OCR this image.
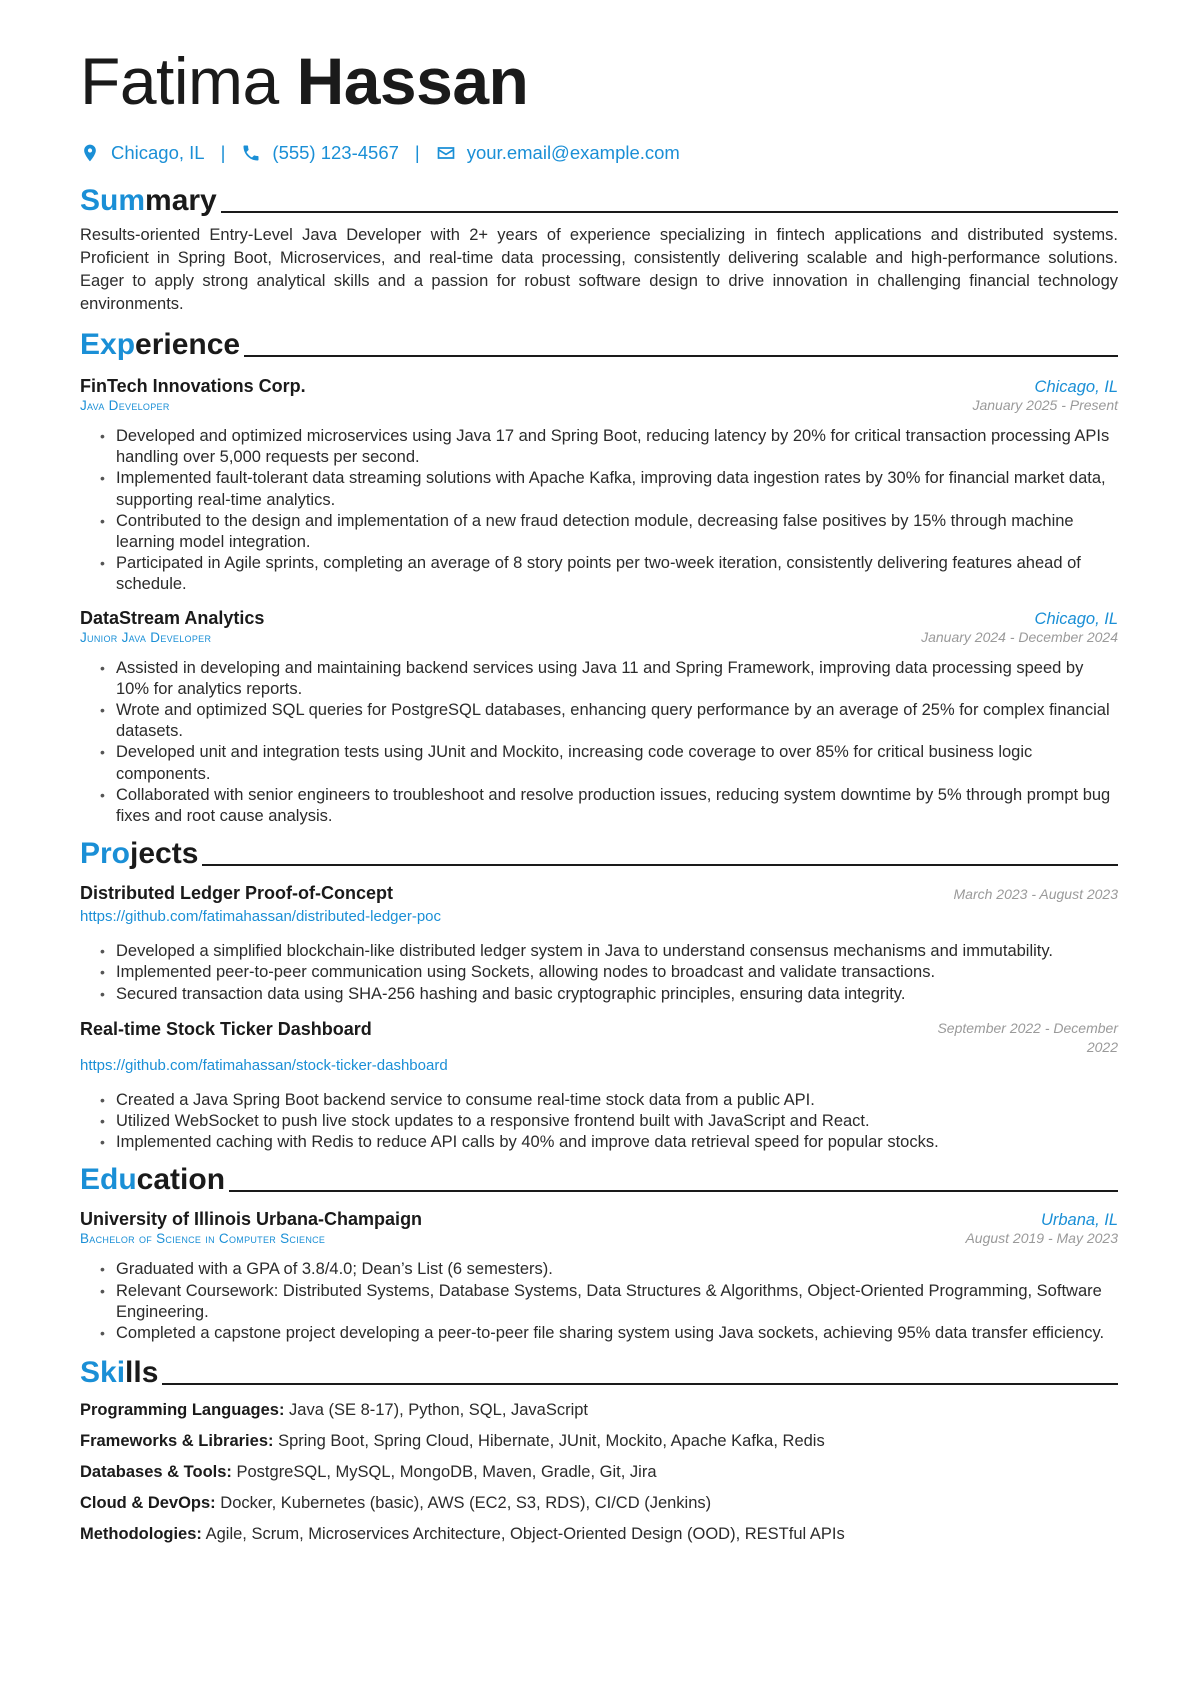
Fatima Hassan
Chicago, IL |	(555) 123-4567 |	your.email@example.com
Summary
Results-oriented Entry-Level Java Developer with 2+ years of experience specializing in fintech applications and distributed systems. Proficient in Spring Boot, Microservices, and real-time data processing, consistently delivering scalable and high-performance solutions. Eager to apply strong analytical skills and a passion for robust software design to drive innovation in challenging financial technology environments.
Experience
FinTech Innovations Corp.	Chicago, IL
Java Developer	January 2025 - Present
• Developed and optimized microservices using Java 17 and Spring Boot, reducing latency by 20% for critical transaction processing APIs handling over 5,000 requests per second.
• Implemented fault-tolerant data streaming solutions with Apache Kafka, improving data ingestion rates by 30% for financial market data, supporting real-time analytics.
• Contributed to the design and implementation of a new fraud detection module, decreasing false positives by 15% through machine learning model integration.
• Participated in Agile sprints, completing an average of 8 story points per two-week iteration, consistently delivering features ahead of schedule.
DataStream Analytics	Chicago, IL
Junior Java Developer	January 2024 - December 2024
• Assisted in developing and maintaining backend services using Java 11 and Spring Framework, improving data processing speed by 10% for analytics reports.
• Wrote and optimized SQL queries for PostgreSQL databases, enhancing query performance by an average of 25% for complex financial datasets.
• Developed unit and integration tests using JUnit and Mockito, increasing code coverage to over 85% for critical business logic components.
• Collaborated with senior engineers to troubleshoot and resolve production issues, reducing system downtime by 5% through prompt bug fixes and root cause analysis.
Projects
Distributed Ledger Proof-of-Concept	March 2023 - August 2023
https://github.com/fatimahassan/distributed-ledger-poc
• Developed a simplified blockchain-like distributed ledger system in Java to understand consensus mechanisms and immutability.
• Implemented peer-to-peer communication using Sockets, allowing nodes to broadcast and validate transactions.
• Secured transaction data using SHA-256 hashing and basic cryptographic principles, ensuring data integrity.
Real-time Stock Ticker Dashboard	September 2022 - December 2022
https://github.com/fatimahassan/stock-ticker-dashboard
• Created a Java Spring Boot backend service to consume real-time stock data from a public API.
• Utilized WebSocket to push live stock updates to a responsive frontend built with JavaScript and React.
• Implemented caching with Redis to reduce API calls by 40% and improve data retrieval speed for popular stocks.
Education
University of Illinois Urbana-Champaign	Urbana, IL
Bachelor of Science in Computer Science	August 2019 - May 2023
• Graduated with a GPA of 3.8/4.0; Dean’s List (6 semesters).
• Relevant Coursework: Distributed Systems, Database Systems, Data Structures & Algorithms, Object-Oriented Programming, Software Engineering.
• Completed a capstone project developing a peer-to-peer file sharing system using Java sockets, achieving 95% data transfer efficiency.
Skills
Programming Languages: Java (SE 8-17), Python, SQL, JavaScript
Frameworks & Libraries: Spring Boot, Spring Cloud, Hibernate, JUnit, Mockito, Apache Kafka, Redis
Databases & Tools: PostgreSQL, MySQL, MongoDB, Maven, Gradle, Git, Jira
Cloud & DevOps: Docker, Kubernetes (basic), AWS (EC2, S3, RDS), CI/CD (Jenkins)
Methodologies: Agile, Scrum, Microservices Architecture, Object-Oriented Design (OOD), RESTful APIs
